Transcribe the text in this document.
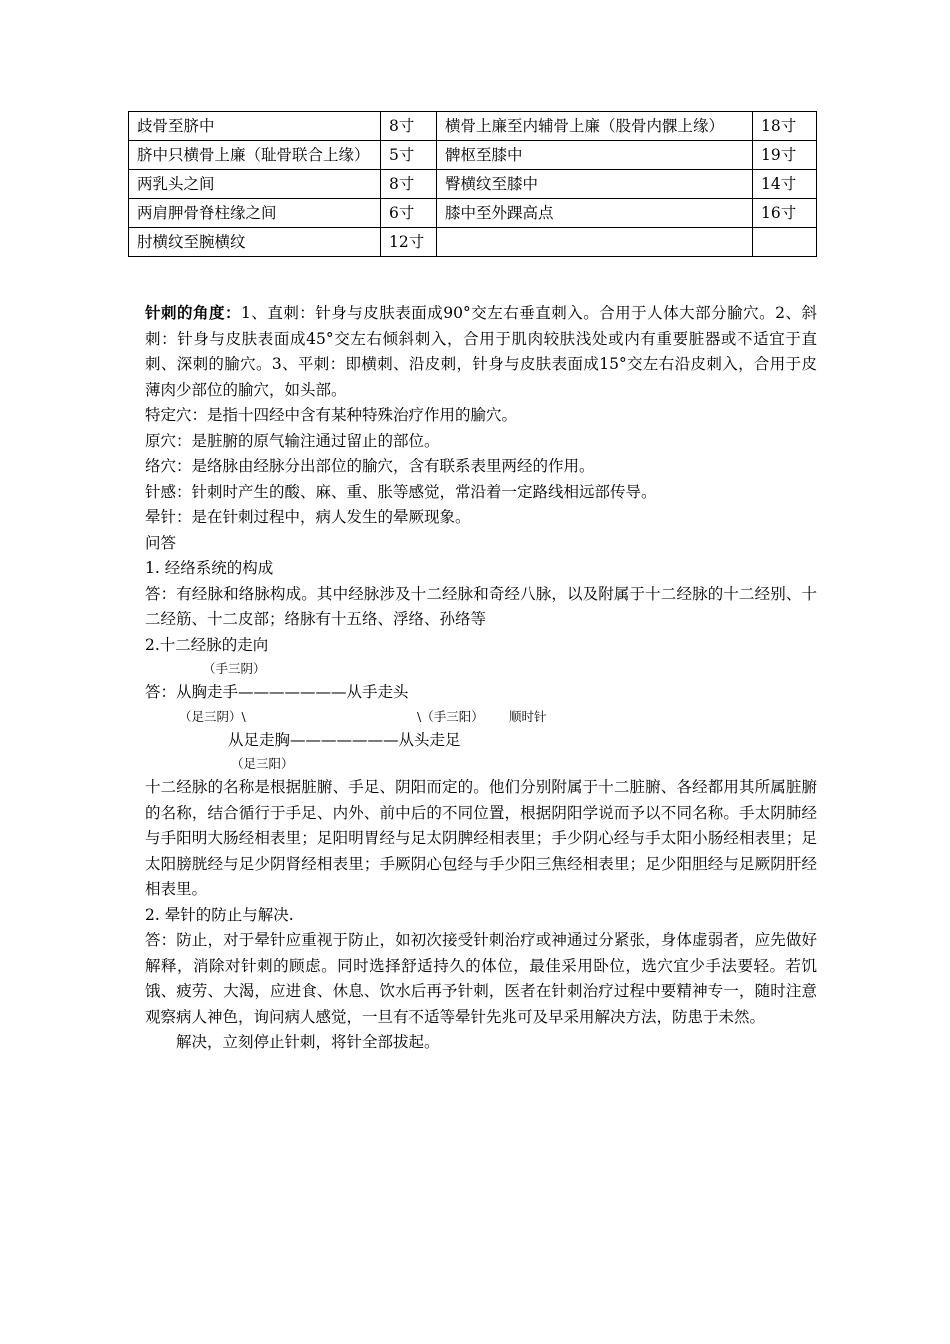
歧骨至脐中	8寸	横骨上廉至内辅骨上廉（股骨内髁上缘）	18寸
脐中只横骨上廉（耻骨联合上缘）	5寸	髀枢至膝中	19寸
两乳头之间	8寸	臀横纹至膝中	14寸
两肩胛骨脊柱缘之间	6寸	膝中至外踝高点	16寸
肘横纹至腕横纹	12寸		

针刺的角度：1、直刺：针身与皮肤表面成90°交左右垂直刺入。合用于人体大部分腧穴。2、斜刺：针身与皮肤表面成45°交左右倾斜刺入，合用于肌肉较肤浅处或内有重要脏器或不适宜于直刺、深刺的腧穴。3、平刺：即横刺、沿皮刺，针身与皮肤表面成15°交左右沿皮刺入，合用于皮薄肉少部位的腧穴，如头部。

特定穴：是指十四经中含有某种特殊治疗作用的腧穴。
原穴：是脏腑的原气输注通过留止的部位。
络穴：是络脉由经脉分出部位的腧穴，含有联系表里两经的作用。
针感：针刺时产生的酸、麻、重、胀等感觉，常沿着一定路线相远部传导。
晕针：是在针刺过程中，病人发生的晕厥现象。
问答
1. 经络系统的构成

答：有经脉和络脉构成。其中经脉涉及十二经脉和奇经八脉，以及附属于十二经脉的十二经别、十二经筋、十二皮部；络脉有十五络、浮络、孙络等

2.十二经脉的走向
（手三阴）
答：从胸走手———————从手走头
（足三阴）\	\（手三阳） 顺时针
从足走胸———————从头走足
（足三阳）

十二经脉的名称是根据脏腑、手足、阴阳而定的。他们分别附属于十二脏腑、各经都用其所属脏腑的名称，结合循行于手足、内外、前中后的不同位置，根据阴阳学说而予以不同名称。手太阴肺经与手阳明大肠经相表里；足阳明胃经与足太阴脾经相表里；手少阴心经与手太阳小肠经相表里；足太阳膀胱经与足少阴肾经相表里；手厥阴心包经与手少阳三焦经相表里；足少阳胆经与足厥阴肝经相表里。

2. 晕针的防止与解决.

答：防止，对于晕针应重视于防止，如初次接受针刺治疗或神通过分紧张，身体虚弱者，应先做好解释，消除对针刺的顾虑。同时选择舒适持久的体位，最佳采用卧位，选穴宜少手法要轻。若饥饿、疲劳、大渴，应进食、休息、饮水后再予针刺，医者在针刺治疗过程中要精神专一，随时注意观察病人神色，询问病人感觉，一旦有不适等晕针先兆可及早采用解决方法，防患于未然。

解决，立刻停止针刺，将针全部拔起。
